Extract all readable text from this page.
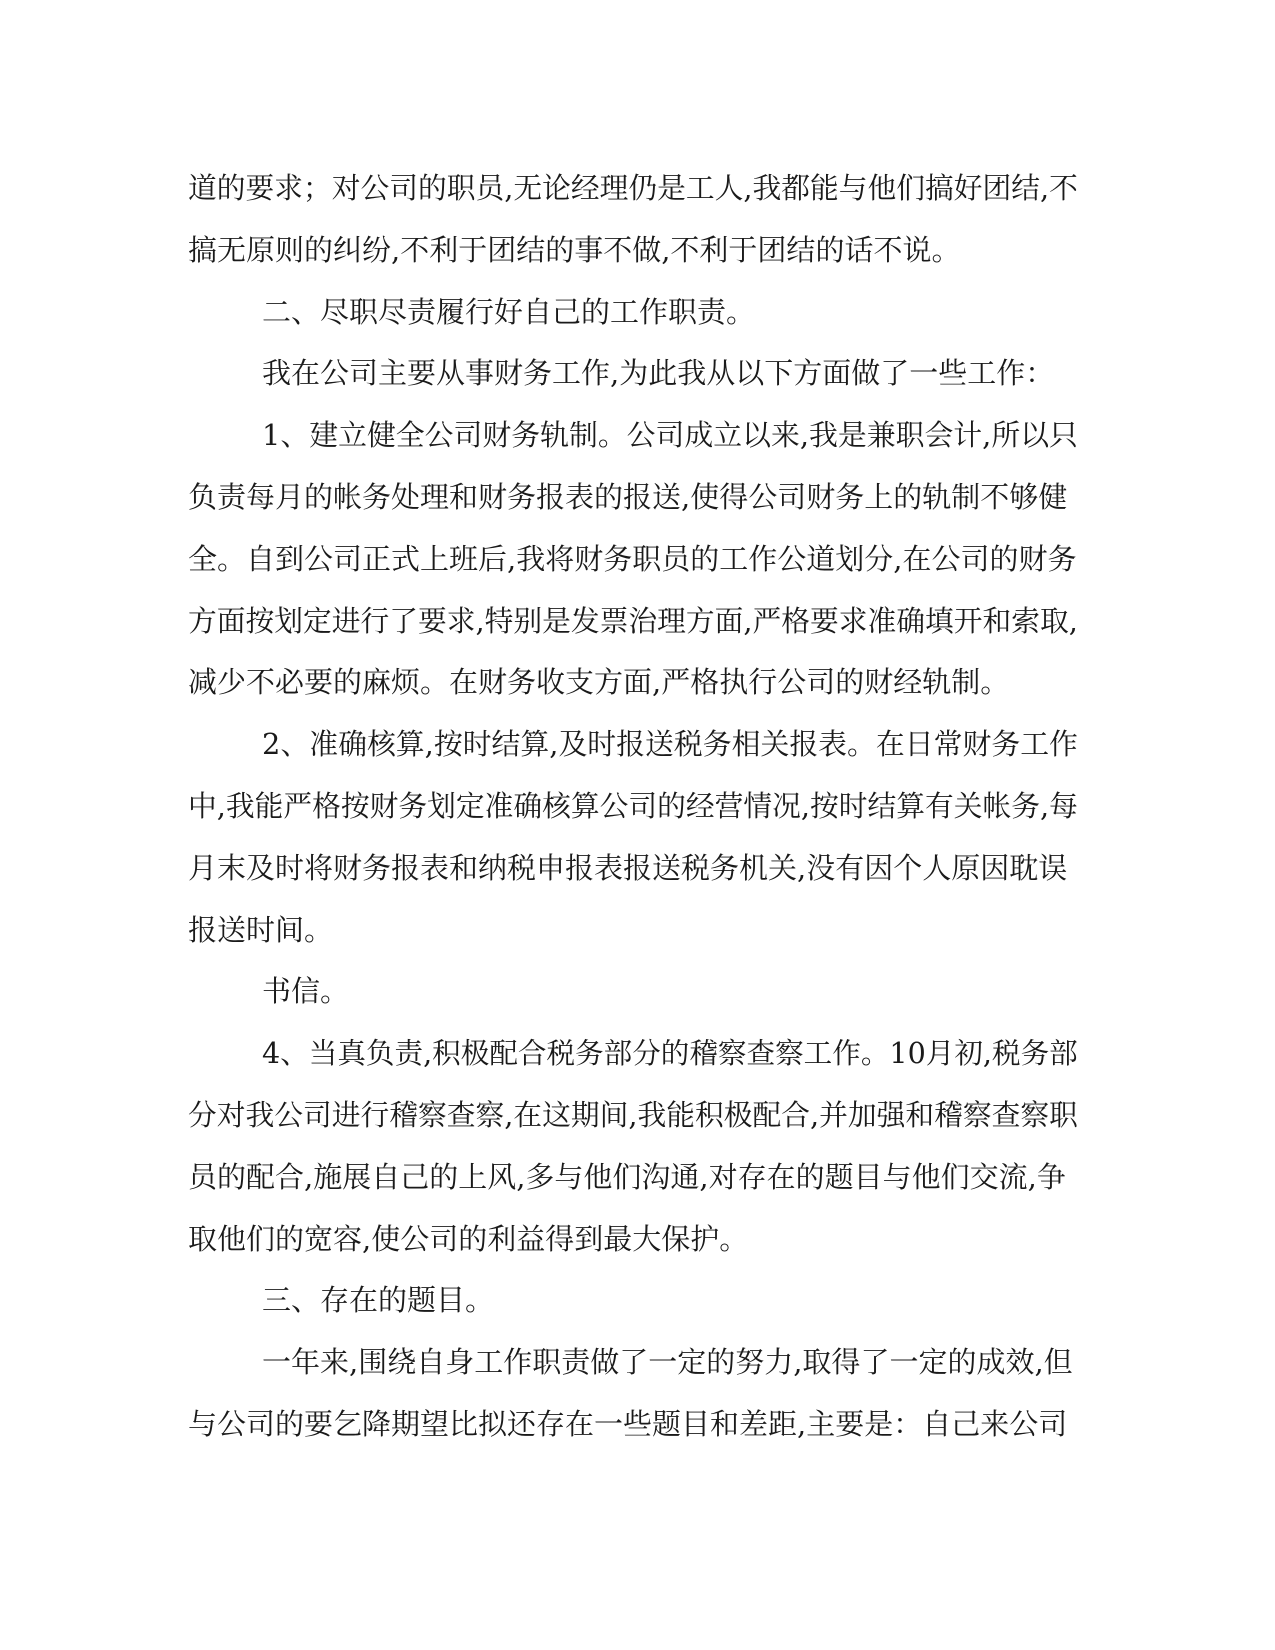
道的要求；对公司的职员,无论经理仍是工人,我都能与他们搞好团结,不
搞无原则的纠纷,不利于团结的事不做,不利于团结的话不说。
二、尽职尽责履行好自己的工作职责。
我在公司主要从事财务工作,为此我从以下方面做了一些工作：
1、建立健全公司财务轨制。公司成立以来,我是兼职会计,所以只
负责每月的帐务处理和财务报表的报送,使得公司财务上的轨制不够健
全。自到公司正式上班后,我将财务职员的工作公道划分,在公司的财务
方面按划定进行了要求,特别是发票治理方面,严格要求准确填开和索取,
减少不必要的麻烦。在财务收支方面,严格执行公司的财经轨制。
2、准确核算,按时结算,及时报送税务相关报表。在日常财务工作
中,我能严格按财务划定准确核算公司的经营情况,按时结算有关帐务,每
月末及时将财务报表和纳税申报表报送税务机关,没有因个人原因耽误
报送时间。
书信。
4、当真负责,积极配合税务部分的稽察查察工作。10月初,税务部
分对我公司进行稽察查察,在这期间,我能积极配合,并加强和稽察查察职
员的配合,施展自己的上风,多与他们沟通,对存在的题目与他们交流,争
取他们的宽容,使公司的利益得到最大保护。
三、存在的题目。
一年来,围绕自身工作职责做了一定的努力,取得了一定的成效,但
与公司的要乞降期望比拟还存在一些题目和差距,主要是：自己来公司
